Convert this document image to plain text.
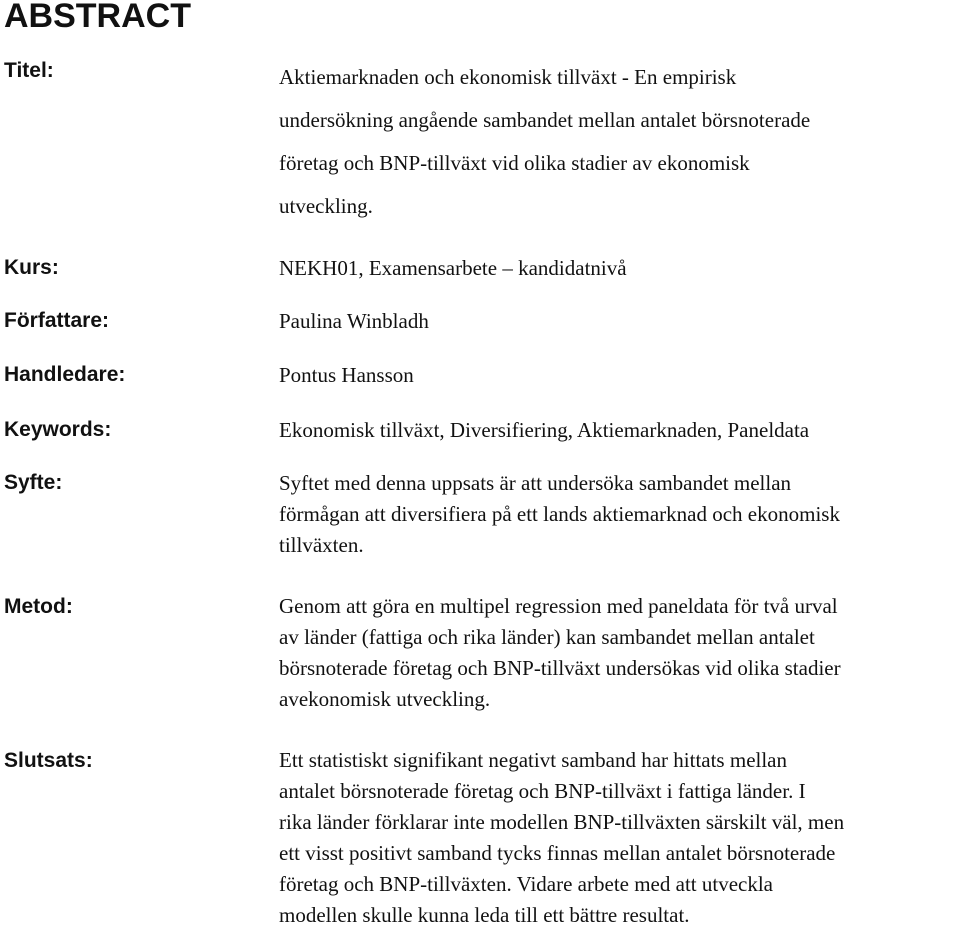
ABSTRACT
Titel:	Aktiemarknaden och ekonomisk tillväxt - En empirisk
undersökning angående sambandet mellan antalet börsnoterade
företag och BNP-tillväxt vid olika stadier av ekonomisk
utveckling.
Kurs:	NEKH01, Examensarbete – kandidatnivå
Författare:	Paulina Winbladh
Handledare:	Pontus Hansson
Keywords:	Ekonomisk tillväxt, Diversifiering, Aktiemarknaden, Paneldata
Syfte:	Syftet med denna uppsats är att undersöka sambandet mellan
förmågan att diversifiera på ett lands aktiemarknad och ekonomisk
tillväxten.
Metod:	Genom att göra en multipel regression med paneldata för två urval
av länder (fattiga och rika länder) kan sambandet mellan antalet
börsnoterade företag och BNP-tillväxt undersökas vid olika stadier
avekonomisk utveckling.
Slutsats:	Ett statistiskt signifikant negativt samband har hittats mellan
antalet börsnoterade företag och BNP-tillväxt i fattiga länder. I
rika länder förklarar inte modellen BNP-tillväxten särskilt väl, men
ett visst positivt samband tycks finnas mellan antalet börsnoterade
företag och BNP-tillväxten. Vidare arbete med att utveckla
modellen skulle kunna leda till ett bättre resultat.
